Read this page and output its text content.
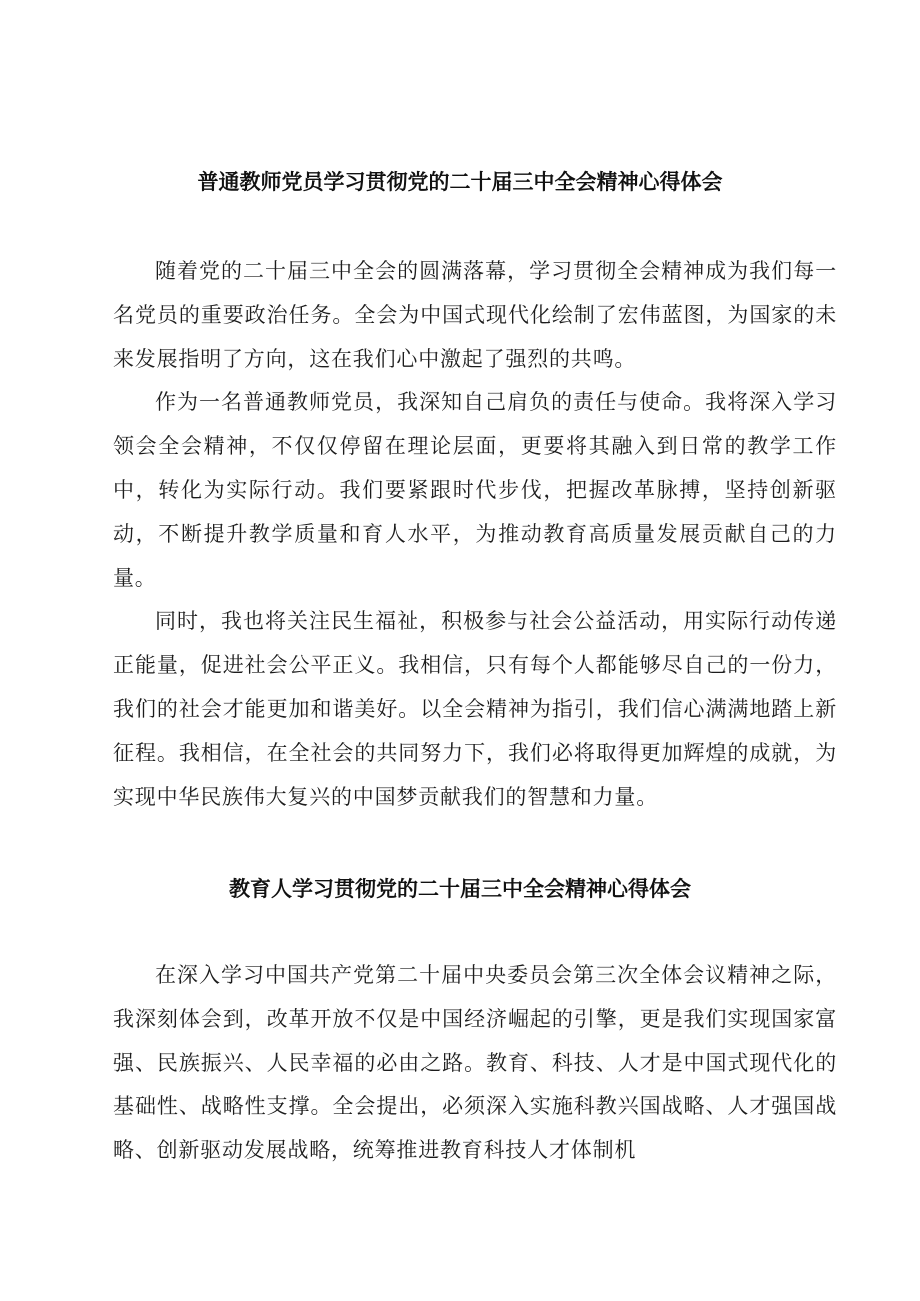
普通教师党员学习贯彻党的二十届三中全会精神心得体会

随着党的二十届三中全会的圆满落幕，学习贯彻全会精神成为我们每一名党员的重要政治任务。全会为中国式现代化绘制了宏伟蓝图，为国家的未来发展指明了方向，这在我们心中激起了强烈的共鸣。

作为一名普通教师党员，我深知自己肩负的责任与使命。我将深入学习领会全会精神，不仅仅停留在理论层面，更要将其融入到日常的教学工作中，转化为实际行动。我们要紧跟时代步伐，把握改革脉搏，坚持创新驱动，不断提升教学质量和育人水平，为推动教育高质量发展贡献自己的力量。

同时，我也将关注民生福祉，积极参与社会公益活动，用实际行动传递正能量，促进社会公平正义。我相信，只有每个人都能够尽自己的一份力，我们的社会才能更加和谐美好。以全会精神为指引，我们信心满满地踏上新征程。我相信，在全社会的共同努力下，我们必将取得更加辉煌的成就，为实现中华民族伟大复兴的中国梦贡献我们的智慧和力量。

教育人学习贯彻党的二十届三中全会精神心得体会

在深入学习中国共产党第二十届中央委员会第三次全体会议精神之际，我深刻体会到，改革开放不仅是中国经济崛起的引擎，更是我们实现国家富强、民族振兴、人民幸福的必由之路。教育、科技、人才是中国式现代化的基础性、战略性支撑。全会提出，必须深入实施科教兴国战略、人才强国战略、创新驱动发展战略，统筹推进教育科技人才体制机
